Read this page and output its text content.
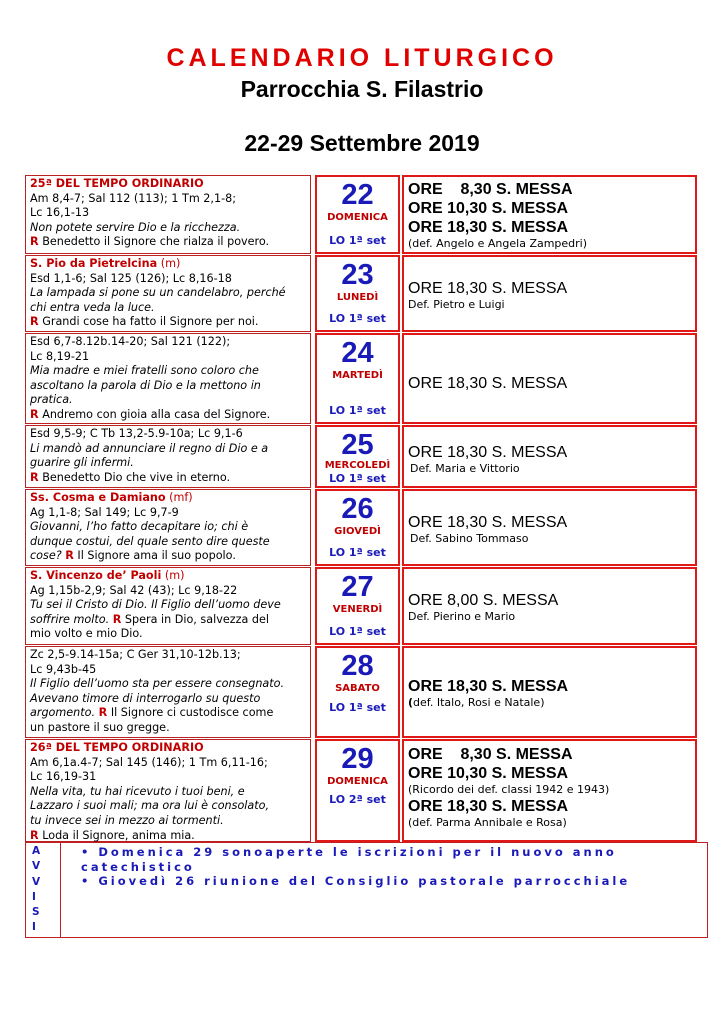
CALENDARIO LITURGICO
Parrocchia S. Filastrio
22-29 Settembre 2019
25ª DEL TEMPO ORDINARIO
Am 8,4-7; Sal 112 (113); 1 Tm 2,1-8;
Lc 16,1-13
Non potete servire Dio e la ricchezza.
R Benedetto il Signore che rialza il povero.
22
DOMENICA
LO 1ª set
ORE    8,30 S. MESSA
ORE 10,30 S. MESSA
ORE 18,30 S. MESSA
(def. Angelo e Angela Zampedri)
S. Pio da Pietrelcina (m)
Esd 1,1-6; Sal 125 (126); Lc 8,16-18
La lampada si pone su un candelabro, perché
chi entra veda la luce.
R Grandi cose ha fatto il Signore per noi.
23
LUNEDÌ
LO 1ª set
ORE 18,30 S. MESSA
Def. Pietro e Luigi
Esd 6,7-8.12b.14-20; Sal 121 (122);
Lc 8,19-21
Mia madre e miei fratelli sono coloro che
ascoltano la parola di Dio e la mettono in
pratica.
R Andremo con gioia alla casa del Signore.
24
MARTEDÌ
LO 1ª set
ORE 18,30 S. MESSA
Esd 9,5-9; C Tb 13,2-5.9-10a; Lc 9,1-6
Li mandò ad annunciare il regno di Dio e a
guarire gli infermi.
R Benedetto Dio che vive in eterno.
25
MERCOLEDÌ
LO 1ª set
ORE 18,30 S. MESSA
Def. Maria e Vittorio
Ss. Cosma e Damiano (mf)
Ag 1,1-8; Sal 149; Lc 9,7-9
Giovanni, l’ho fatto decapitare io; chi è
dunque costui, del quale sento dire queste
cose? R Il Signore ama il suo popolo.
26
GIOVEDÌ
LO 1ª set
ORE 18,30 S. MESSA
Def. Sabino Tommaso
S. Vincenzo de’ Paoli (m)
Ag 1,15b-2,9; Sal 42 (43); Lc 9,18-22
Tu sei il Cristo di Dio. Il Figlio dell’uomo deve
soffrire molto. R Spera in Dio, salvezza del
mio volto e mio Dio.
27
VENERDÌ
LO 1ª set
ORE 8,00 S. MESSA
Def. Pierino e Mario
Zc 2,5-9.14-15a; C Ger 31,10-12b.13;
Lc 9,43b-45
Il Figlio dell’uomo sta per essere consegnato.
Avevano timore di interrogarlo su questo
argomento. R Il Signore ci custodisce come
un pastore il suo gregge.
28
SABATO
LO 1ª set
ORE 18,30 S. MESSA
(def. Italo, Rosi e Natale)
26ª DEL TEMPO ORDINARIO
Am 6,1a.4-7; Sal 145 (146); 1 Tm 6,11-16;
Lc 16,19-31
Nella vita, tu hai ricevuto i tuoi beni, e
Lazzaro i suoi mali; ma ora lui è consolato,
tu invece sei in mezzo ai tormenti.
R Loda il Signore, anima mia.
29
DOMENICA
LO 2ª set
ORE    8,30 S. MESSA
ORE 10,30 S. MESSA
(Ricordo dei def. classi 1942 e 1943)
ORE 18,30 S. MESSA
(def. Parma Annibale e Rosa)
A
V
V
I
S
I
• Domenica 29 sonoaperte le iscrizioni per il nuovo anno
catechistico
• Giovedì 26 riunione del Consiglio pastorale parrocchiale
